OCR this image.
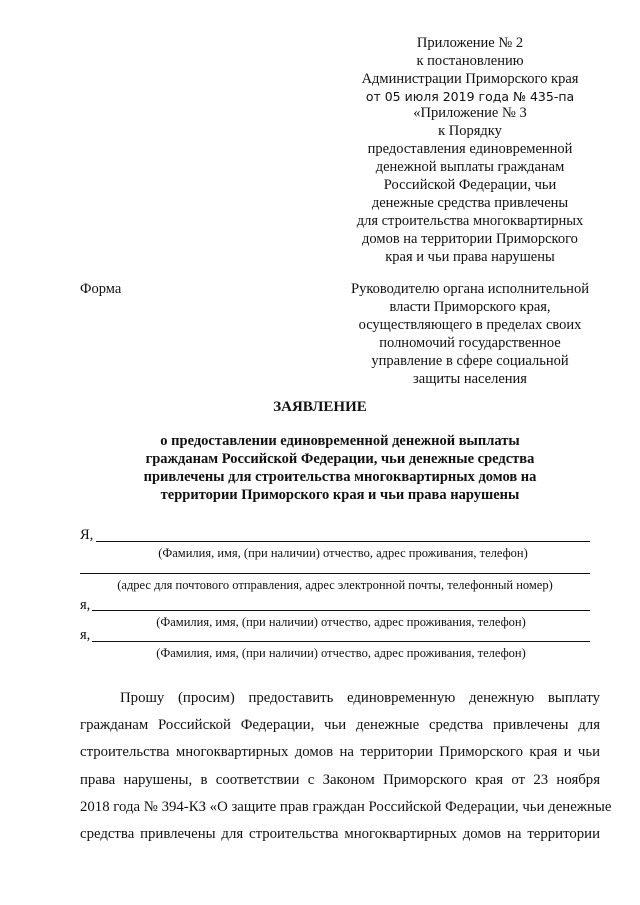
Приложение № 2
к постановлению
Администрации Приморского края
от 05 июля 2019 года № 435-па
«Приложение № 3
к Порядку
предоставления единовременной
денежной выплаты гражданам
Российской Федерации, чьи
денежные средства привлечены
для строительства многоквартирных
домов на территории Приморского
края и чьи права нарушены
Форма	Руководителю органа исполнительной
власти Приморского края,
осуществляющего в пределах своих
полномочий государственное
управление в сфере социальной
защиты населения
ЗАЯВЛЕНИЕ
о предоставлении единовременной денежной выплаты
гражданам Российской Федерации, чьи денежные средства
привлечены для строительства многоквартирных домов на
территории Приморского края и чьи права нарушены
Я,
(Фамилия, имя, (при наличии) отчество, адрес проживания, телефон)
(адрес для почтового отправления, адрес электронной почты, телефонный номер)
я,
(Фамилия, имя, (при наличии) отчество, адрес проживания, телефон)
я,
(Фамилия, имя, (при наличии) отчество, адрес проживания, телефон)
Прошу (просим) предоставить единовременную денежную выплату
гражданам Российской Федерации, чьи денежные средства привлечены для
строительства многоквартирных домов на территории Приморского края и чьи
права нарушены, в соответствии с Законом Приморского края от 23 ноября
2018 года № 394-КЗ «О защите прав граждан Российской Федерации, чьи денежные
средства привлечены для строительства многоквартирных домов на территории
